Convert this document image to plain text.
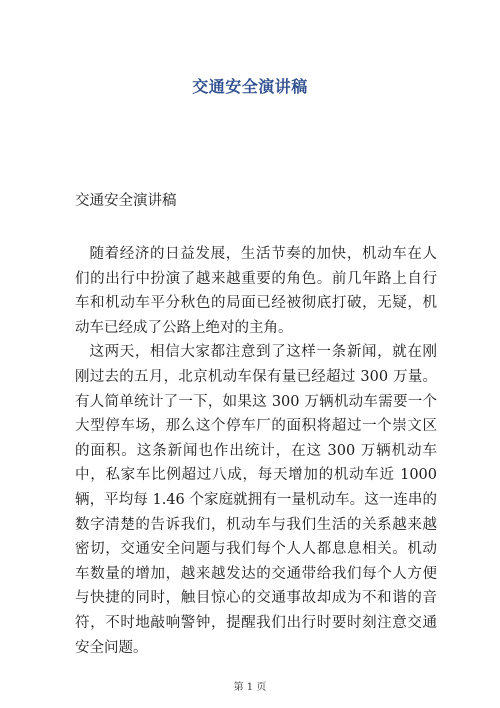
交通安全演讲稿
交通安全演讲稿

随着经济的日益发展，生活节奏的加快，机动车在人们的出行中扮演了越来越重要的角色。前几年路上自行车和机动车平分秋色的局面已经被彻底打破，无疑，机动车已经成了公路上绝对的主角。

这两天，相信大家都注意到了这样一条新闻，就在刚刚过去的五月，北京机动车保有量已经超过 300 万量。有人简单统计了一下，如果这 300 万辆机动车需要一个大型停车场，那么这个停车厂的面积将超过一个崇文区的面积。这条新闻也作出统计，在这 300 万辆机动车中，私家车比例超过八成，每天增加的机动车近 1000 辆，平均每 1.46 个家庭就拥有一量机动车。这一连串的数字清楚的告诉我们，机动车与我们生活的关系越来越密切，交通安全问题与我们每个人人都息息相关。机动车数量的增加，越来越发达的交通带给我们每个人方便与快捷的同时，触目惊心的交通事故却成为不和谐的音符，不时地敲响警钟，提醒我们出行时要时刻注意交通安全问题。

第 1 页
